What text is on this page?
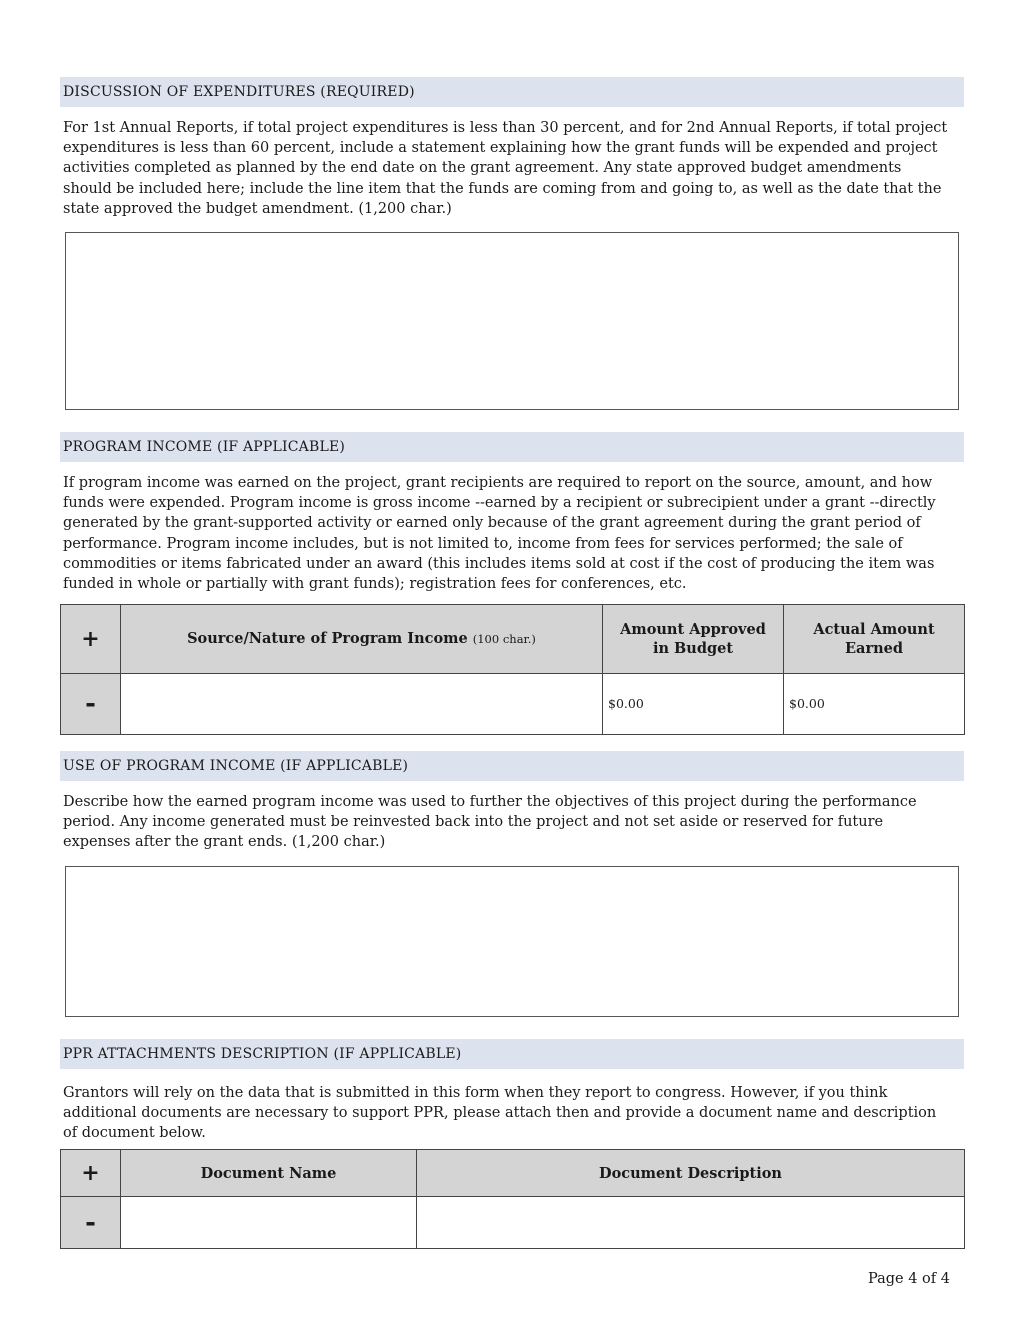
DISCUSSION OF EXPENDITURES (REQUIRED)
For 1st Annual Reports, if total project expenditures is less than 30 percent, and for 2nd Annual Reports, if total project expenditures is less than 60 percent, include a statement explaining how the grant funds will be expended and project activities completed as planned by the end date on the grant agreement. Any state approved budget amendments should be included here; include the line item that the funds are coming from and going to, as well as the date that the state approved the budget amendment. (1,200 char.)
PROGRAM INCOME (IF APPLICABLE)
If program income was earned on the project, grant recipients are required to report on the source, amount, and how funds were expended. Program income is gross income --earned by a recipient or subrecipient under a grant --directly generated by the grant-supported activity or earned only because of the grant agreement during the grant period of performance. Program income includes, but is not limited to, income from fees for services performed; the sale of commodities or items fabricated under an award (this includes items sold at cost if the cost of producing the item was funded in whole or partially with grant funds); registration fees for conferences, etc.
+	Source/Nature of Program Income (100 char.)	Amount Approved in Budget	Actual Amount Earned
-		$0.00	$0.00
USE OF PROGRAM INCOME (IF APPLICABLE)
Describe how the earned program income was used to further the objectives of this project during the performance period. Any income generated must be reinvested back into the project and not set aside or reserved for future expenses after the grant ends. (1,200 char.)
PPR ATTACHMENTS DESCRIPTION (IF APPLICABLE)
Grantors will rely on the data that is submitted in this form when they report to congress. However, if you think additional documents are necessary to support PPR, please attach then and provide a document name and description of document below.
+	Document Name	Document Description
-		
Page 4 of 4
